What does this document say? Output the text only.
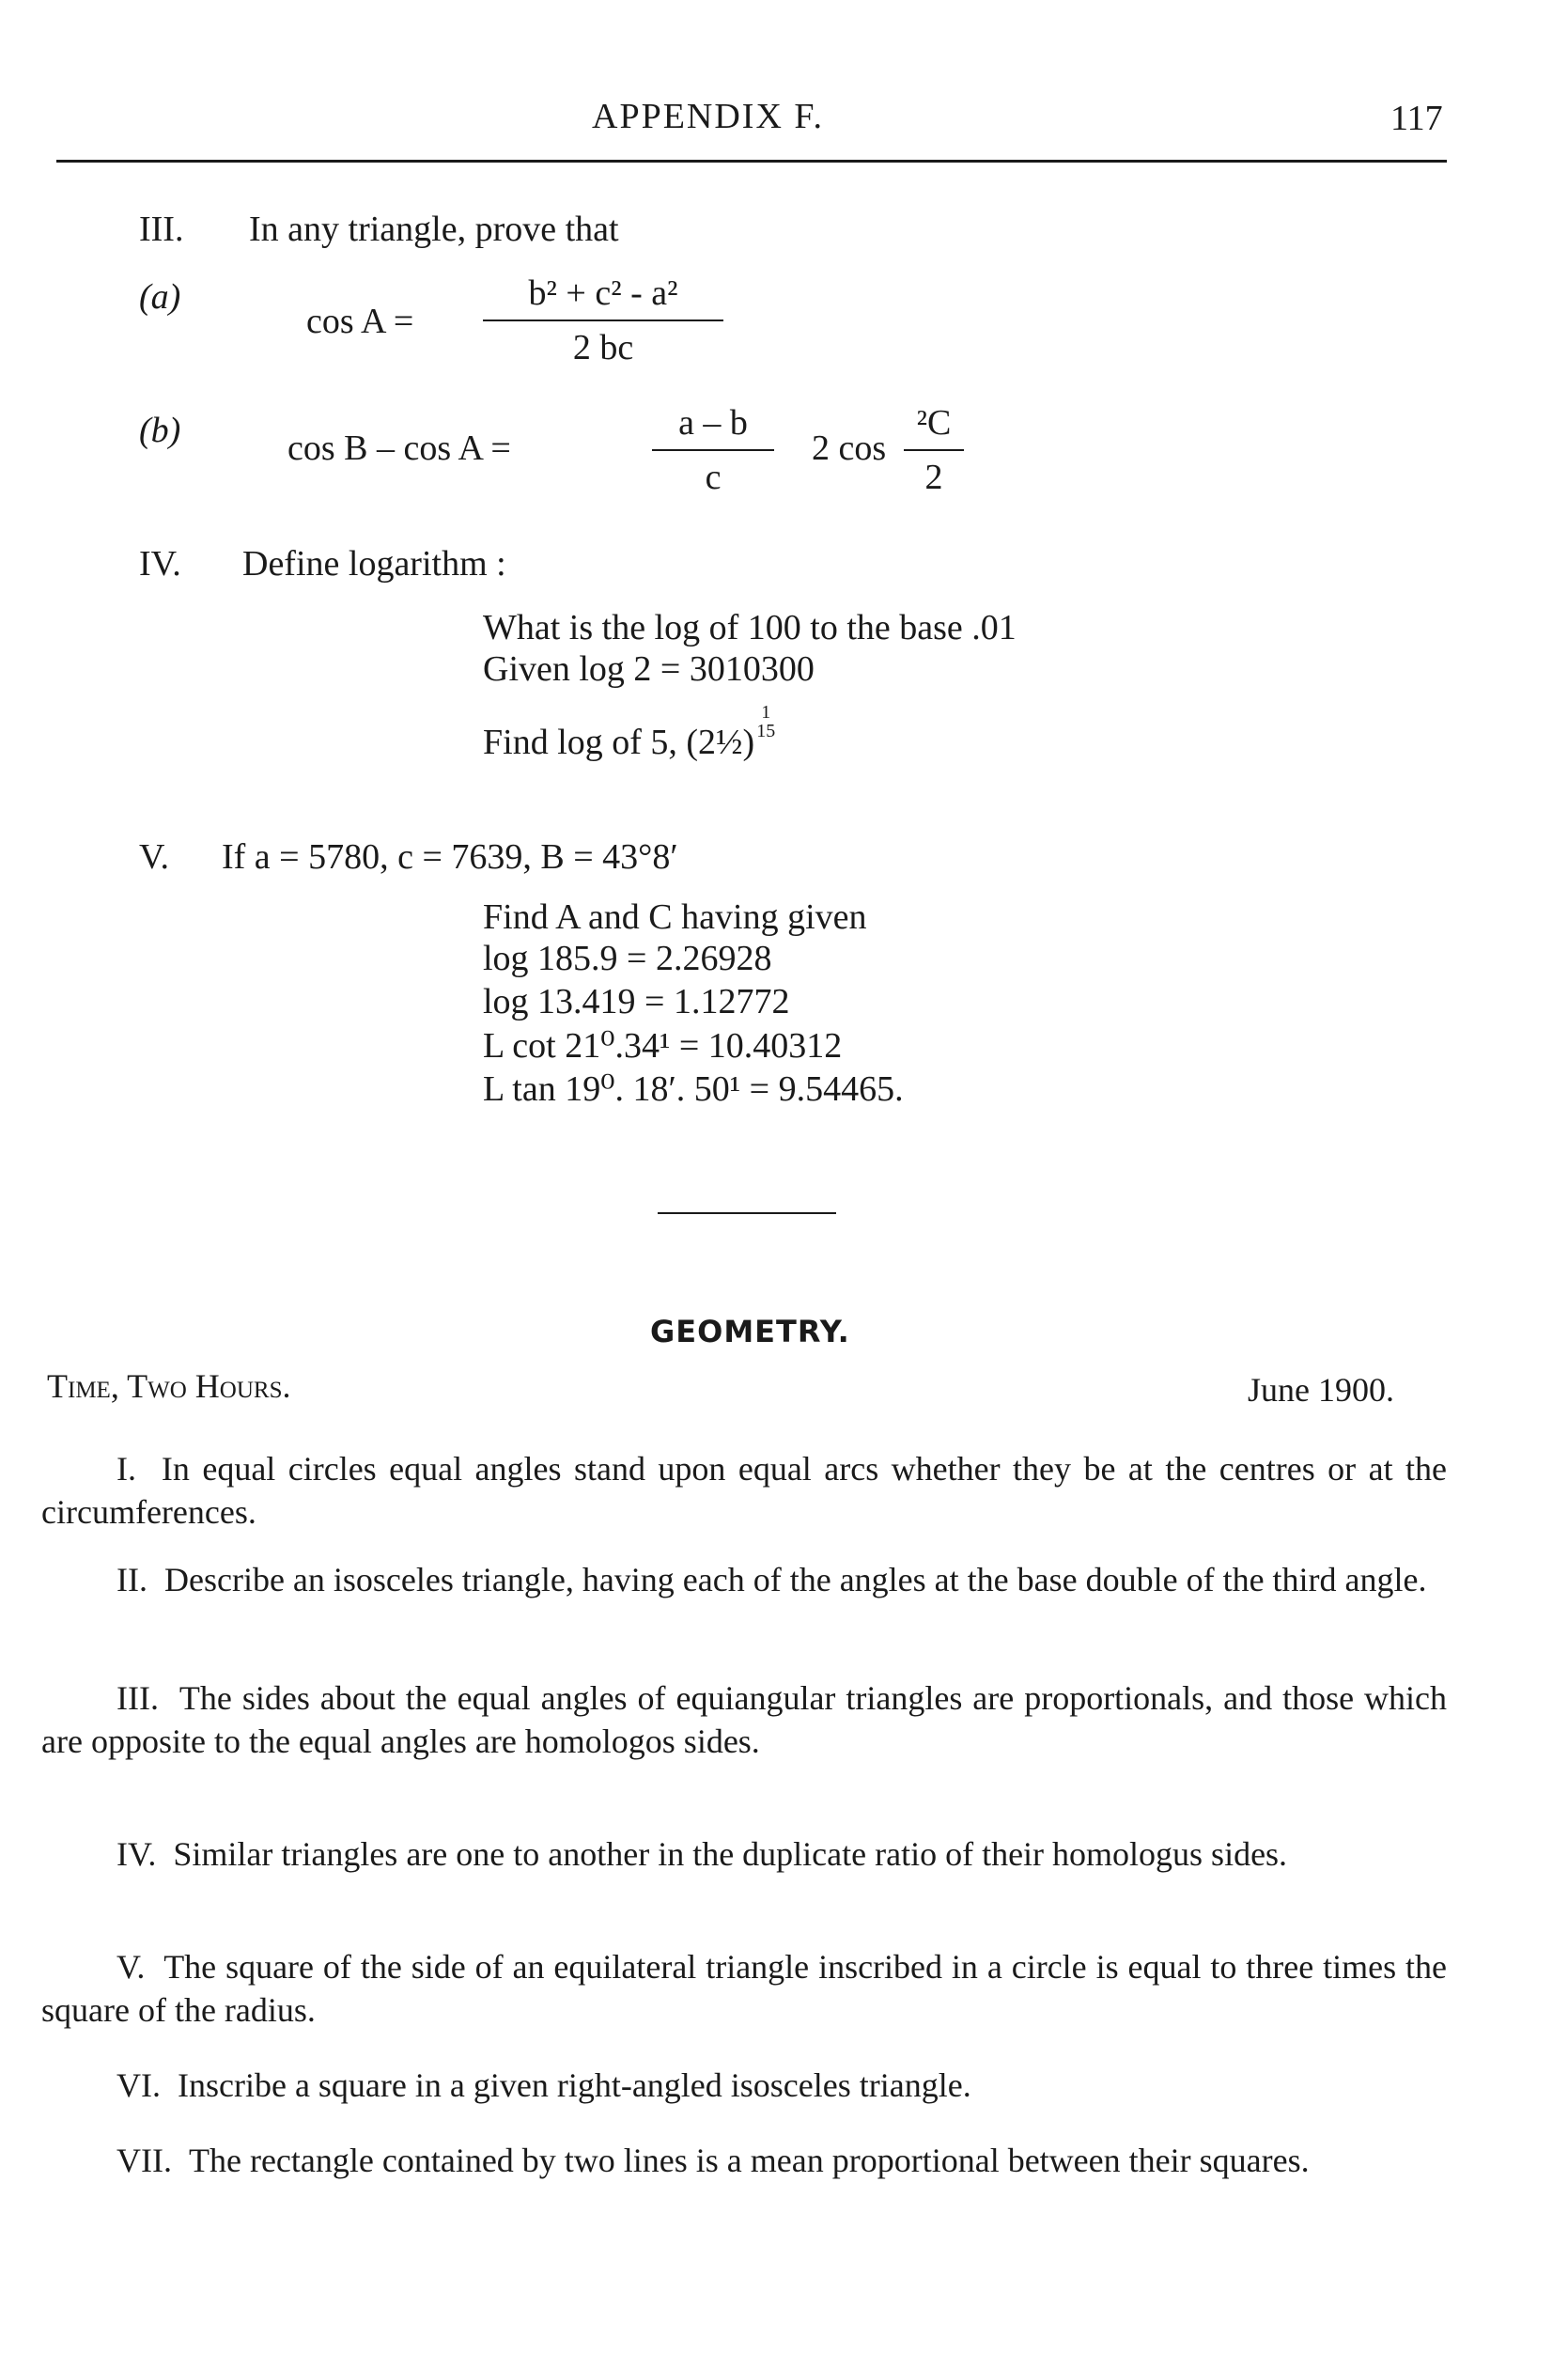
APPENDIX F.	117
III. In any triangle, prove that
(a)
cos A =
b² + c² - a²
2 bc
(b)	cos B – cos A =
a – b
c
2 cos
²C
2
IV. Define logarithm :
What is the log of 100 to the base .01
Given log 2 = 3010300
Find log of 5, (2½)
1
15
V. If a = 5780, c = 7639, B = 43°8′
Find A and C having given
log 185.9 = 2.26928
log 13.419 = 1.12772
L cot 21⁰.34¹ = 10.40312
L tan 19⁰. 18′. 50¹ = 9.54465.
GEOMETRY.
Time, Two Hours.	June 1900.

I. In equal circles equal angles stand upon equal arcs whether they be at the centres or at the circumferences.

II. Describe an isosceles triangle, having each of the angles at the base double of the third angle.

III. The sides about the equal angles of equiangular triangles are proportionals, and those which are opposite to the equal angles are homologos sides.

IV. Similar triangles are one to another in the duplicate ratio of their homologus sides.

V. The square of the side of an equilateral triangle inscribed in a circle is equal to three times the square of the radius.

VI. Inscribe a square in a given right-angled isosceles triangle.

VII. The rectangle contained by two lines is a mean proportional between their squares.
